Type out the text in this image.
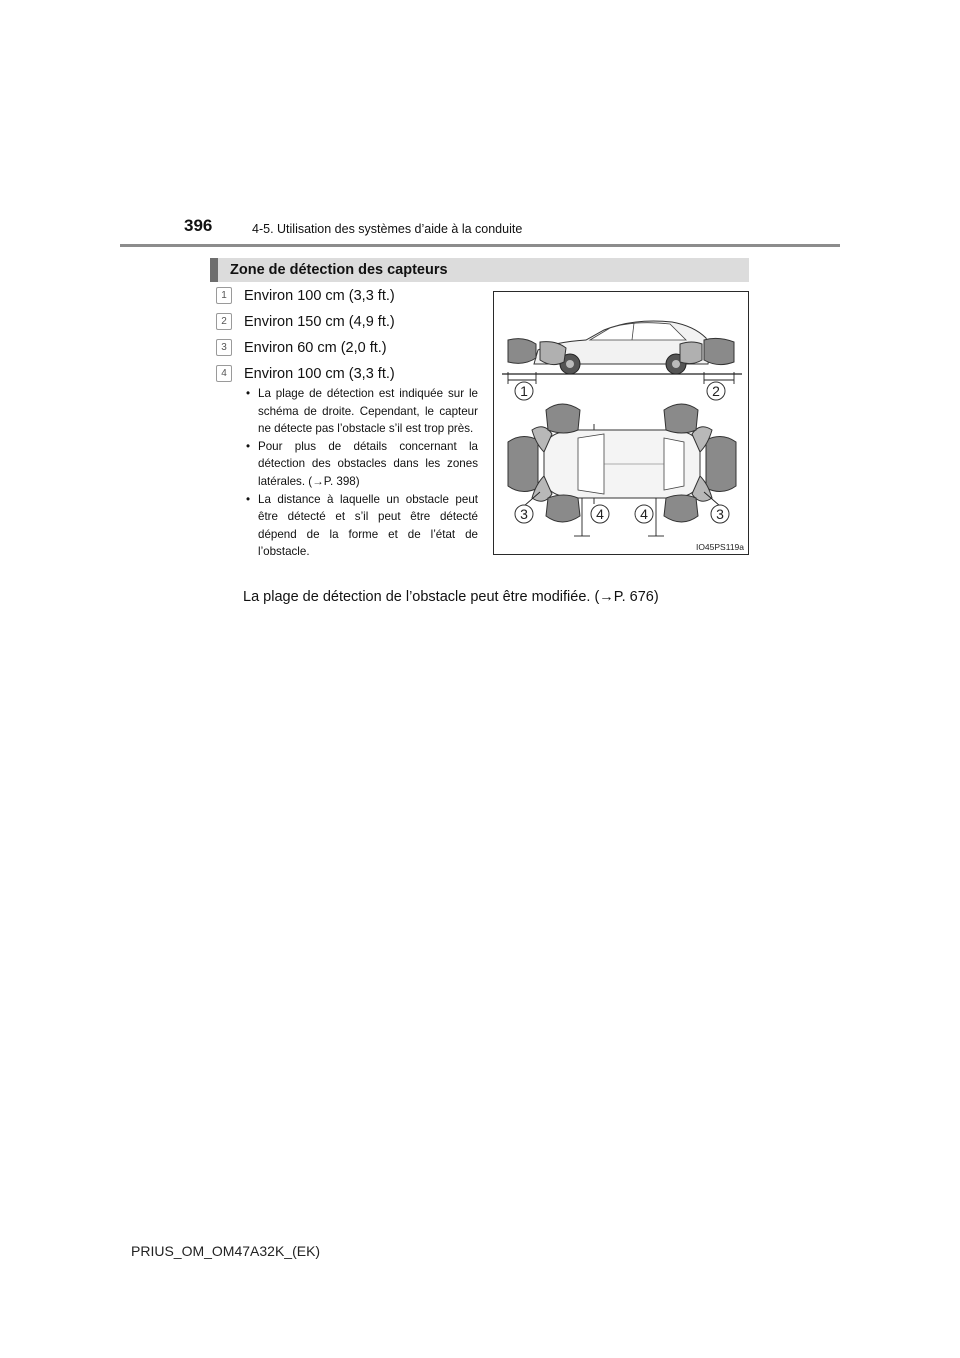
396	4-5. Utilisation des systèmes d’aide à la conduite
Zone de détection des capteurs
1	Environ 100 cm (3,3 ft.)
2	Environ 150 cm (4,9 ft.)
3	Environ 60 cm (2,0 ft.)
4	Environ 100 cm (3,3 ft.)
• La plage de détection est indiquée sur le schéma de droite. Cependant, le capteur ne détecte pas l’obstacle s’il est trop près.
• Pour plus de détails concernant la détection des obstacles dans les zones latérales. (→P. 398)
• La distance à laquelle un obstacle peut être détecté et s’il peut être détecté dépend de la forme et de l’état de l’obstacle.
La plage de détection de l’obstacle peut être modifiée. (→P. 676)
1	2
3	4	4	3
IO45PS119a
PRIUS_OM_OM47A32K_(EK)
